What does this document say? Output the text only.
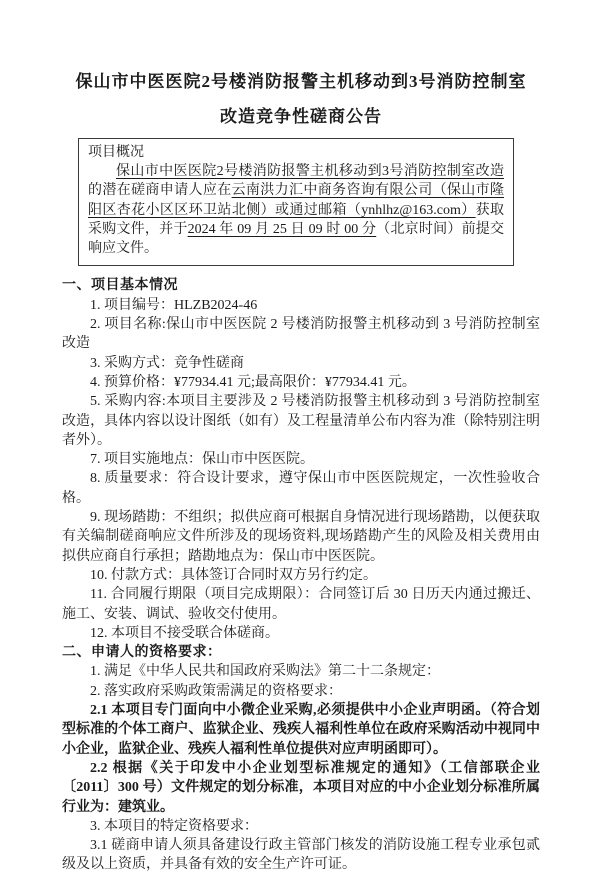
保山市中医医院2号楼消防报警主机移动到3号消防控制室
改造竞争性磋商公告
项目概况

保山市中医医院2号楼消防报警主机移动到3号消防控制室改造的潜在磋商申请人应在云南洪力汇中商务咨询有限公司（保山市隆阳区杏花小区区环卫站北侧）或通过邮箱（ynhlhz@163.com）获取采购文件，并于2024 年 09 月 25 日 09 时 00 分（北京时间）前提交响应文件。

一、项目基本情况

1. 项目编号：HLZB2024-46

2. 项目名称:保山市中医医院 2 号楼消防报警主机移动到 3 号消防控制室改造

3. 采购方式：竞争性磋商

4. 预算价格：¥77934.41 元;最高限价：¥77934.41 元。

5. 采购内容:本项目主要涉及 2 号楼消防报警主机移动到 3 号消防控制室改造，具体内容以设计图纸（如有）及工程量清单公布内容为准（除特别注明者外）。

7. 项目实施地点：保山市中医医院。

8. 质量要求：符合设计要求，遵守保山市中医医院规定，一次性验收合格。

9. 现场踏勘：不组织；拟供应商可根据自身情况进行现场踏勘，以便获取有关编制磋商响应文件所涉及的现场资料,现场踏勘产生的风险及相关费用由拟供应商自行承担；踏勘地点为：保山市中医医院。

10. 付款方式：具体签订合同时双方另行约定。

11. 合同履行期限（项目完成期限）：合同签订后 30 日历天内通过搬迁、施工、安装、调试、验收交付使用。

12. 本项目不接受联合体磋商。

二、申请人的资格要求：

1. 满足《中华人民共和国政府采购法》第二十二条规定：

2. 落实政府采购政策需满足的资格要求：

2.1 本项目专门面向中小微企业采购,必须提供中小企业声明函。（符合划型标准的个体工商户、监狱企业、残疾人福利性单位在政府采购活动中视同中小企业，监狱企业、残疾人福利性单位提供对应声明函即可）。

2.2 根据《关于印发中小企业划型标准规定的通知》（工信部联企业〔2011〕300 号）文件规定的划分标准，本项目对应的中小企业划分标准所属行业为：建筑业。

3. 本项目的特定资格要求：

3.1 磋商申请人须具备建设行政主管部门核发的消防设施工程专业承包贰级及以上资质，并具备有效的安全生产许可证。
